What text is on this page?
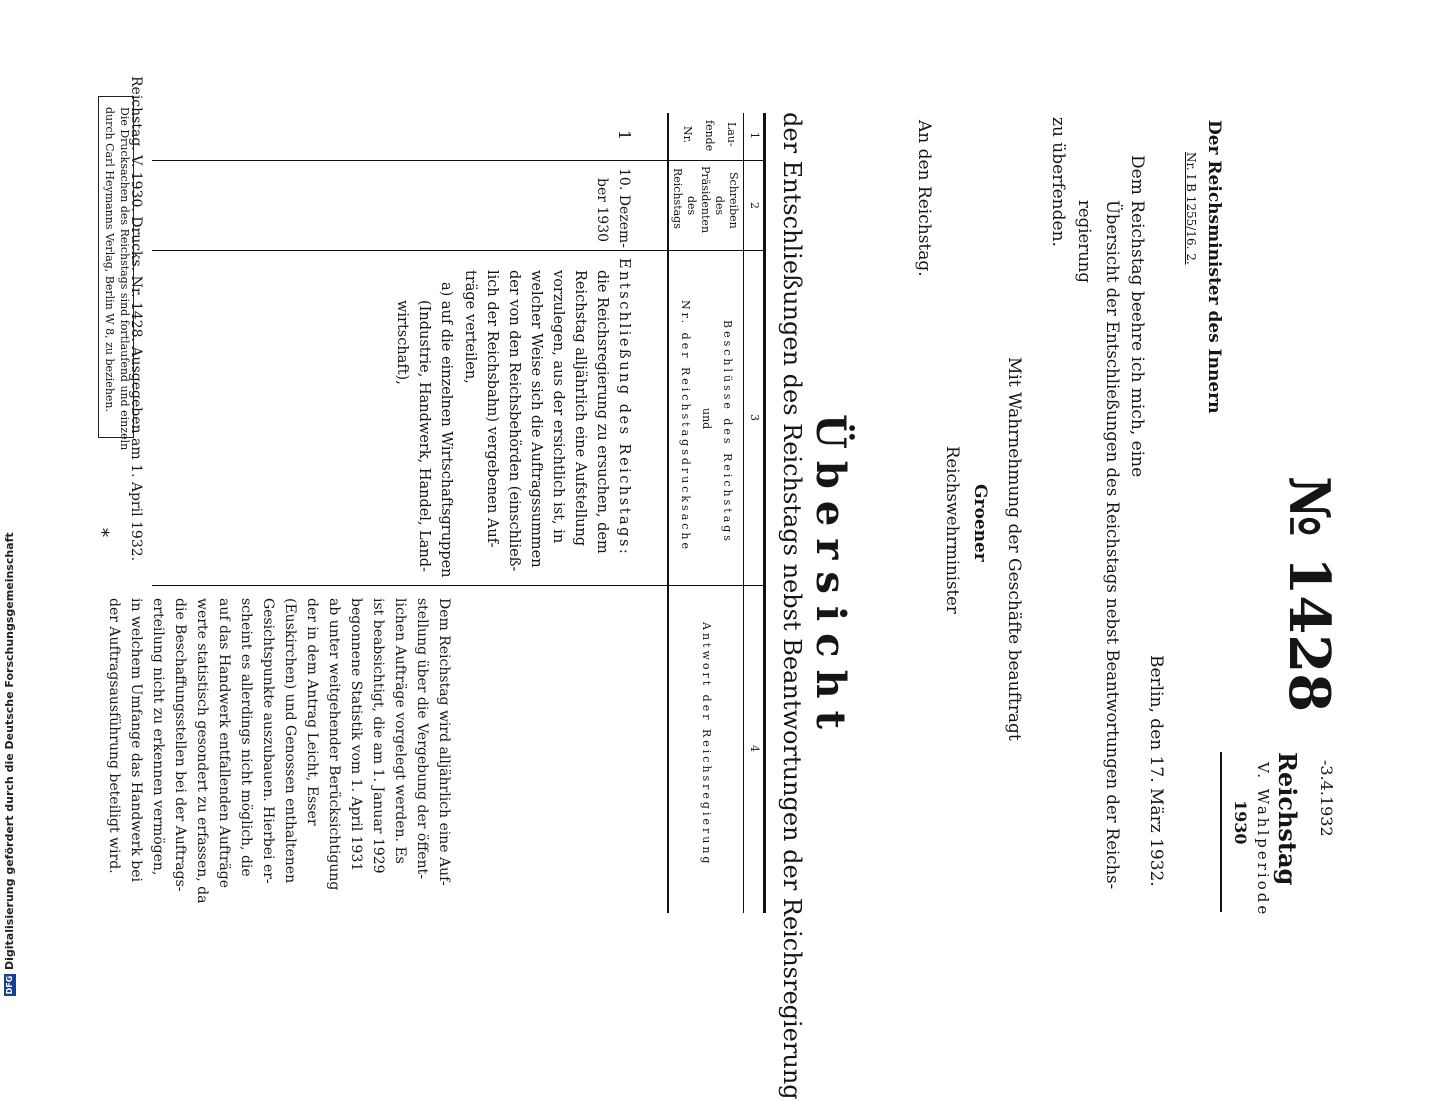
-3.4.1932
Reichstag
V. Wahlperiode
1930
№ 1428
Der Reichsminister des Innern
Nr. I B 1255/16. 2.
Berlin, den 17. März 1932.
Dem Reichstag beehre ich mich, eine
Übersicht der Entschließungen des Reichstags nebst Beantwortungen der Reichs-
regierung
zu überfenden.
Mit Wahrnehmung der Geschäfte beauftragt
Groener
Reichswehrminister
An den Reichstag.
Übersicht
der Entschließungen des Reichstags nebst Beantwortungen der Reichsregierung
1
2
3
4
Lau-
fende
Nr.
Schreiben
des
Präsidenten
des
Reichstags
Beschlüsse des Reichstags
und
Nr. der Reichstagsdrucksache
Antwort der Reichsregierung
1
10. Dezem-
ber 1930
Entschließung des Reichstags:
die Reichsregierung zu ersuchen, dem
Reichstag alljährlich eine Aufstellung
vorzulegen, aus der ersichtlich ist, in
welcher Weise sich die Auftragssummen
der von den Reichsbehörden (einschließ-
lich der Reichsbahn) vergebenen Auf-
träge verteilen,
a) auf die einzelnen Wirtschaftsgruppen
(Industrie, Handwerk, Handel, Land-
wirtschaft),
Dem Reichstag wird alljährlich eine Auf-
stellung über die Vergebung der öffent-
lichen Aufträge vorgelegt werden. Es
ist beabsichtigt, die am 1. Januar 1929
begonnene Statistik vom 1. April 1931
ab unter weitgehender Berücksichtigung
der in dem Antrag Leicht, Esser
(Euskirchen) und Genossen enthaltenen
Gesichtspunkte auszubauen. Hierbei er-
scheint es allerdings nicht möglich, die
auf das Handwerk entfallenden Aufträge
werte statistisch gesondert zu erfassen, da
die Beschaffungsstellen bei der Auftrags-
erteilung nicht zu erkennen vermögen,
in welchem Umfange das Handwerk bei
der Auftragsausführung beteiligt wird.
Reichstag. V. 1930. Drucks. Nr. 1428. Ausgegeben am 1. April 1932.
Die Drucksachen des Reichstags sind fortlaufend und einzeln
durch Carl Heymanns Verlag, Berlin W 8, zu beziehen.
*
DFG
Digitalisierung gefördert durch die Deutsche Forschungsgemeinschaft
